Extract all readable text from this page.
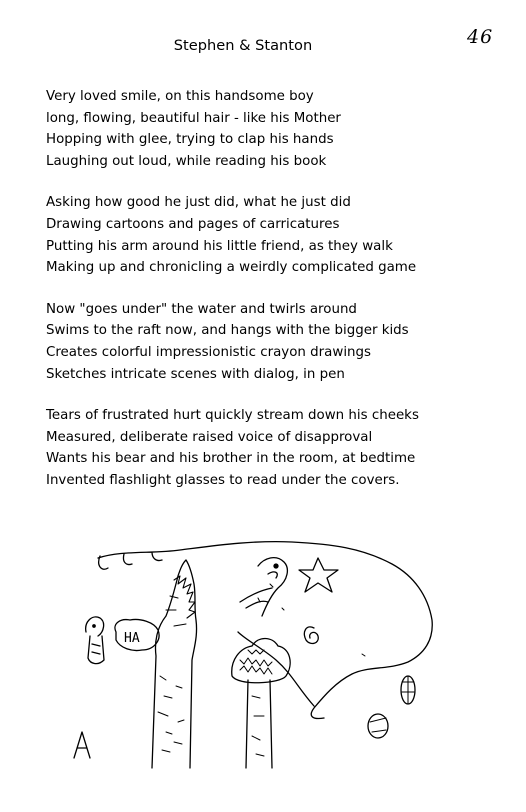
46
Stephen & Stanton
Very loved smile, on this handsome boy
long, flowing, beautiful hair - like his Mother
Hopping with glee, trying to clap his hands
Laughing out loud, while reading his book
Asking how good he just did, what he just did
Drawing cartoons and pages of carricatures
Putting his arm around his little friend, as they walk
Making up and chronicling a weirdly complicated game
Now "goes under" the water and twirls around
Swims to the raft now, and hangs with the bigger kids
Creates colorful impressionistic crayon drawings
Sketches intricate scenes with dialog, in pen
Tears of frustrated hurt quickly stream down his cheeks
Measured, deliberate raised voice of disapproval
Wants his bear and his brother in the room, at bedtime
Invented flashlight glasses to read under the covers.
HA
